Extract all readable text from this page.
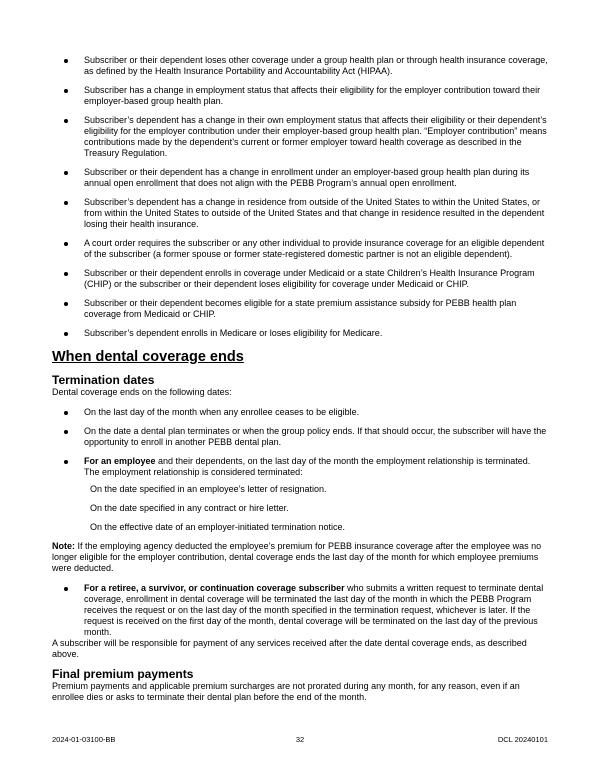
Subscriber or their dependent loses other coverage under a group health plan or through health insurance coverage, as defined by the Health Insurance Portability and Accountability Act (HIPAA).
Subscriber has a change in employment status that affects their eligibility for the employer contribution toward their employer-based group health plan.
Subscriber’s dependent has a change in their own employment status that affects their eligibility or their dependent’s eligibility for the employer contribution under their employer-based group health plan. “Employer contribution” means contributions made by the dependent’s current or former employer toward health coverage as described in the Treasury Regulation.
Subscriber or their dependent has a change in enrollment under an employer-based group health plan during its annual open enrollment that does not align with the PEBB Program’s annual open enrollment.
Subscriber’s dependent has a change in residence from outside of the United States to within the United States, or from within the United States to outside of the United States and that change in residence resulted in the dependent losing their health insurance.
A court order requires the subscriber or any other individual to provide insurance coverage for an eligible dependent of the subscriber (a former spouse or former state-registered domestic partner is not an eligible dependent).
Subscriber or their dependent enrolls in coverage under Medicaid or a state Children’s Health Insurance Program (CHIP) or the subscriber or their dependent loses eligibility for coverage under Medicaid or CHIP.
Subscriber or their dependent becomes eligible for a state premium assistance subsidy for PEBB health plan coverage from Medicaid or CHIP.
Subscriber’s dependent enrolls in Medicare or loses eligibility for Medicare.
When dental coverage ends
Termination dates

Dental coverage ends on the following dates:

On the last day of the month when any enrollee ceases to be eligible.
On the date a dental plan terminates or when the group policy ends. If that should occur, the subscriber will have the opportunity to enroll in another PEBB dental plan.
For an employee and their dependents, on the last day of the month the employment relationship is terminated. The employment relationship is considered terminated:
On the date specified in an employee’s letter of resignation.
On the date specified in any contract or hire letter.
On the effective date of an employer-initiated termination notice.

Note: If the employing agency deducted the employee’s premium for PEBB insurance coverage after the employee was no longer eligible for the employer contribution, dental coverage ends the last day of the month for which employee premiums were deducted.

For a retiree, a survivor, or continuation coverage subscriber who submits a written request to terminate dental coverage, enrollment in dental coverage will be terminated the last day of the month in which the PEBB Program receives the request or on the last day of the month specified in the termination request, whichever is later. If the request is received on the first day of the month, dental coverage will be terminated on the last day of the previous month.

A subscriber will be responsible for payment of any services received after the date dental coverage ends, as described above.

Final premium payments

Premium payments and applicable premium surcharges are not prorated during any month, for any reason, even if an enrollee dies or asks to terminate their dental plan before the end of the month.

2024-01-03100-BB	32	DCL 20240101
